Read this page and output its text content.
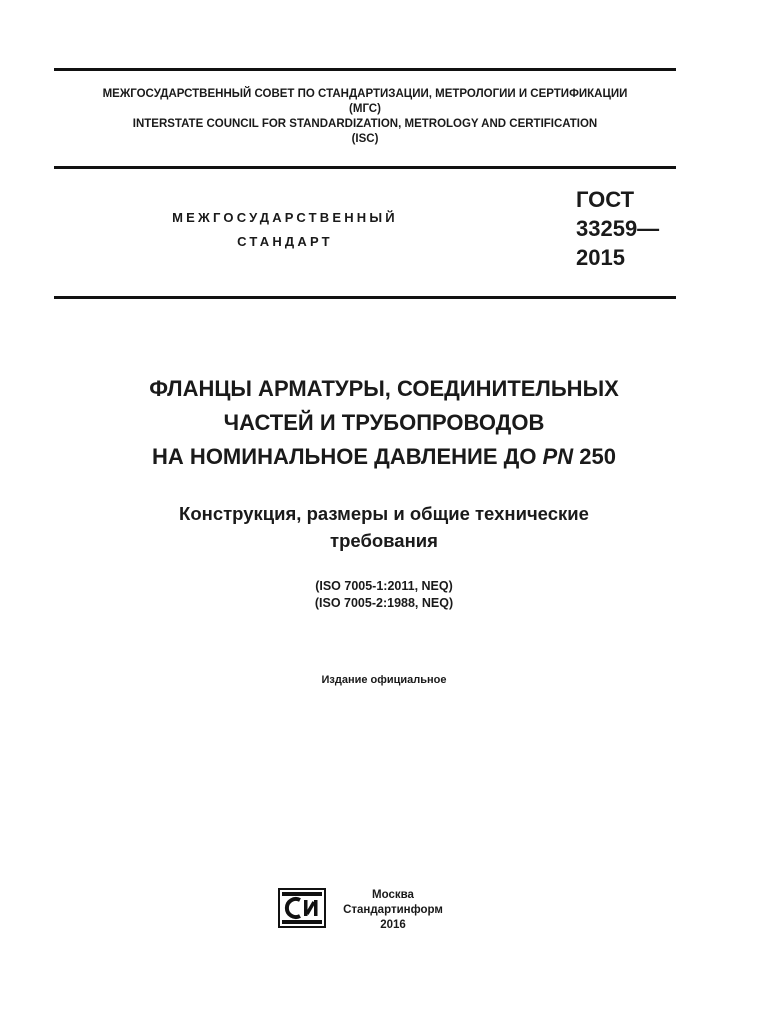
МЕЖГОСУДАРСТВЕННЫЙ СОВЕТ ПО СТАНДАРТИЗАЦИИ, МЕТРОЛОГИИ И СЕРТИФИКАЦИИ
(МГС)
INTERSTATE COUNCIL FOR STANDARDIZATION, METROLOGY AND CERTIFICATION
(ISC)
МЕЖГОСУДАРСТВЕННЫЙ
СТАНДАРТ
ГОСТ
33259—
2015
ФЛАНЦЫ АРМАТУРЫ, СОЕДИНИТЕЛЬНЫХ
ЧАСТЕЙ И ТРУБОПРОВОДОВ
НА НОМИНАЛЬНОЕ ДАВЛЕНИЕ ДО PN 250
Конструкция, размеры и общие технические
требования
(ISO 7005-1:2011, NEQ)
(ISO 7005-2:1988, NEQ)
Издание официальное
Москва
Стандартинформ
2016
